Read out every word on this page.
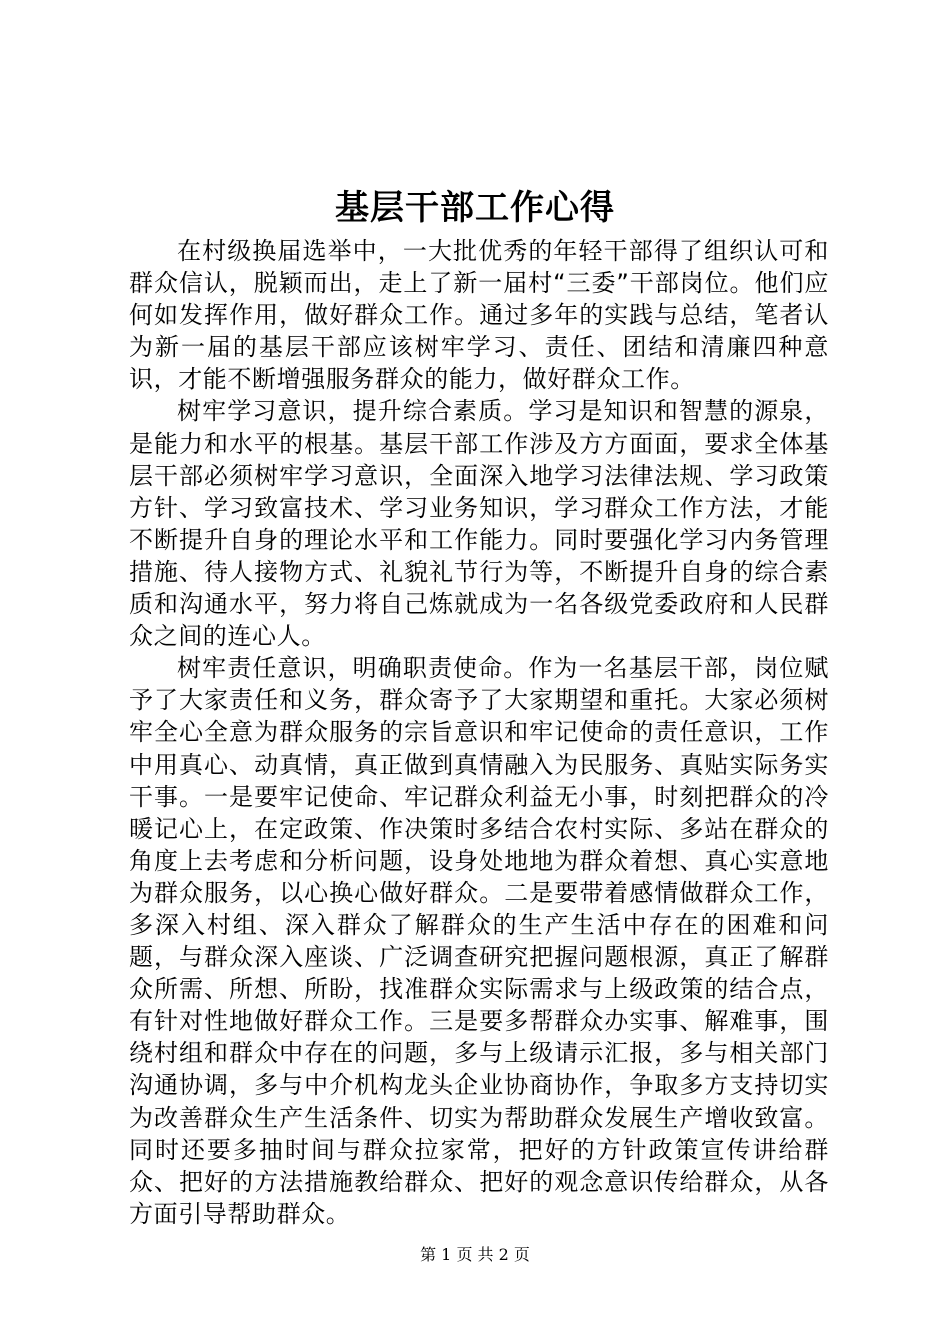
基层干部工作心得

在村级换届选举中，一大批优秀的年轻干部得了组织认可和群众信认，脱颖而出，走上了新一届村“三委”干部岗位。他们应何如发挥作用，做好群众工作。通过多年的实践与总结，笔者认为新一届的基层干部应该树牢学习、责任、团结和清廉四种意识，才能不断增强服务群众的能力，做好群众工作。

树牢学习意识，提升综合素质。学习是知识和智慧的源泉，是能力和水平的根基。基层干部工作涉及方方面面，要求全体基层干部必须树牢学习意识，全面深入地学习法律法规、学习政策方针、学习致富技术、学习业务知识，学习群众工作方法，才能不断提升自身的理论水平和工作能力。同时要强化学习内务管理措施、待人接物方式、礼貌礼节行为等，不断提升自身的综合素质和沟通水平，努力将自己炼就成为一名各级党委政府和人民群众之间的连心人。

树牢责任意识，明确职责使命。作为一名基层干部，岗位赋予了大家责任和义务，群众寄予了大家期望和重托。大家必须树牢全心全意为群众服务的宗旨意识和牢记使命的责任意识，工作中用真心、动真情，真正做到真情融入为民服务、真贴实际务实干事。一是要牢记使命、牢记群众利益无小事，时刻把群众的冷暖记心上，在定政策、作决策时多结合农村实际、多站在群众的角度上去考虑和分析问题，设身处地地为群众着想、真心实意地为群众服务，以心换心做好群众。二是要带着感情做群众工作，多深入村组、深入群众了解群众的生产生活中存在的困难和问题，与群众深入座谈、广泛调查研究把握问题根源，真正了解群众所需、所想、所盼，找准群众实际需求与上级政策的结合点，有针对性地做好群众工作。三是要多帮群众办实事、解难事，围绕村组和群众中存在的问题，多与上级请示汇报，多与相关部门沟通协调，多与中介机构龙头企业协商协作，争取多方支持切实为改善群众生产生活条件、切实为帮助群众发展生产增收致富。同时还要多抽时间与群众拉家常，把好的方针政策宣传讲给群众、把好的方法措施教给群众、把好的观念意识传给群众，从各方面引导帮助群众。

第 1 页 共 2 页
